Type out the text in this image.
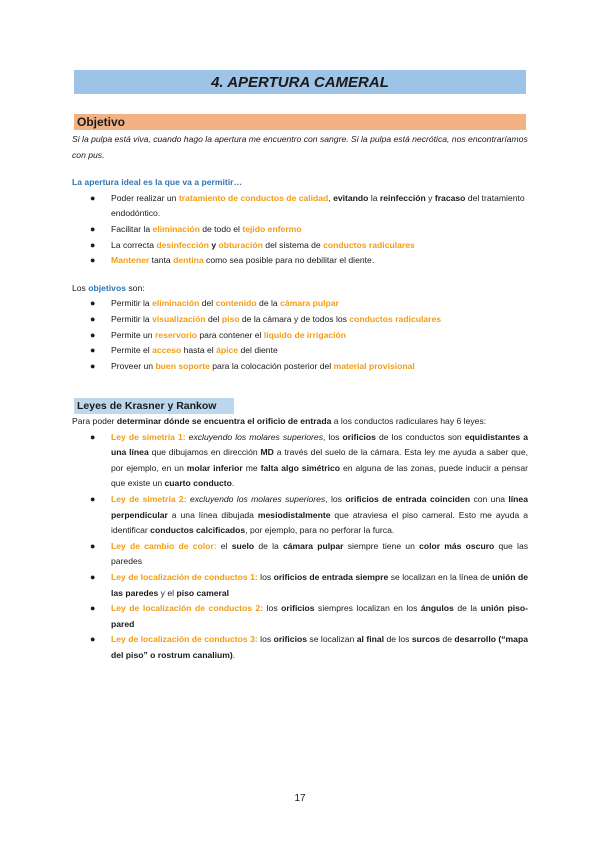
4. APERTURA CAMERAL
Objetivo

Si la pulpa está viva, cuando hago la apertura me encuentro con sangre. Si la pulpa está necrótica, nos encontraríamos con pus.

La apertura ideal es la que va a permitir…

● Poder realizar un tratamiento de conductos de calidad, evitando la reinfección y fracaso del tratamiento endodóntico.
● Facilitar la eliminación de todo el tejido enfermo
● La correcta desinfección y obturación del sistema de conductos radiculares
● Mantener tanta dentina como sea posible para no debilitar el diente.

Los objetivos son:

● Permitir la eliminación del contenido de la cámara pulpar
● Permitir la visualización del piso de la cámara y de todos los conductos radiculares
● Permite un reservorio para contener el líquido de irrigación
● Permite el acceso hasta el ápice del diente
● Proveer un buen soporte para la colocación posterior del material provisional
Leyes de Krasner y Rankow

Para poder determinar dónde se encuentra el orificio de entrada a los conductos radiculares hay 6 leyes:

● Ley de simetría 1: excluyendo los molares superiores, los orificios de los conductos son equidistantes a una línea que dibujamos en dirección MD a través del suelo de la cámara. Esta ley me ayuda a saber que, por ejemplo, en un molar inferior me falta algo simétrico en alguna de las zonas, puede inducir a pensar que existe un cuarto conducto.
● Ley de simetría 2: excluyendo los molares superiores, los orificios de entrada coinciden con una línea perpendicular a una línea dibujada mesiodistalmente que atraviesa el piso cameral. Esto me ayuda a identificar conductos calcificados, por ejemplo, para no perforar la furca.
● Ley de cambio de color: el suelo de la cámara pulpar siempre tiene un color más oscuro que las paredes
● Ley de localización de conductos 1: los orificios de entrada siempre se localizan en la línea de unión de las paredes y el piso cameral
● Ley de localización de conductos 2: los orificios siempres localizan en los ángulos de la unión piso-pared
● Ley de localización de conductos 3: los orificios se localizan al final de los surcos de desarrollo (“mapa del piso” o rostrum canalium).
17
